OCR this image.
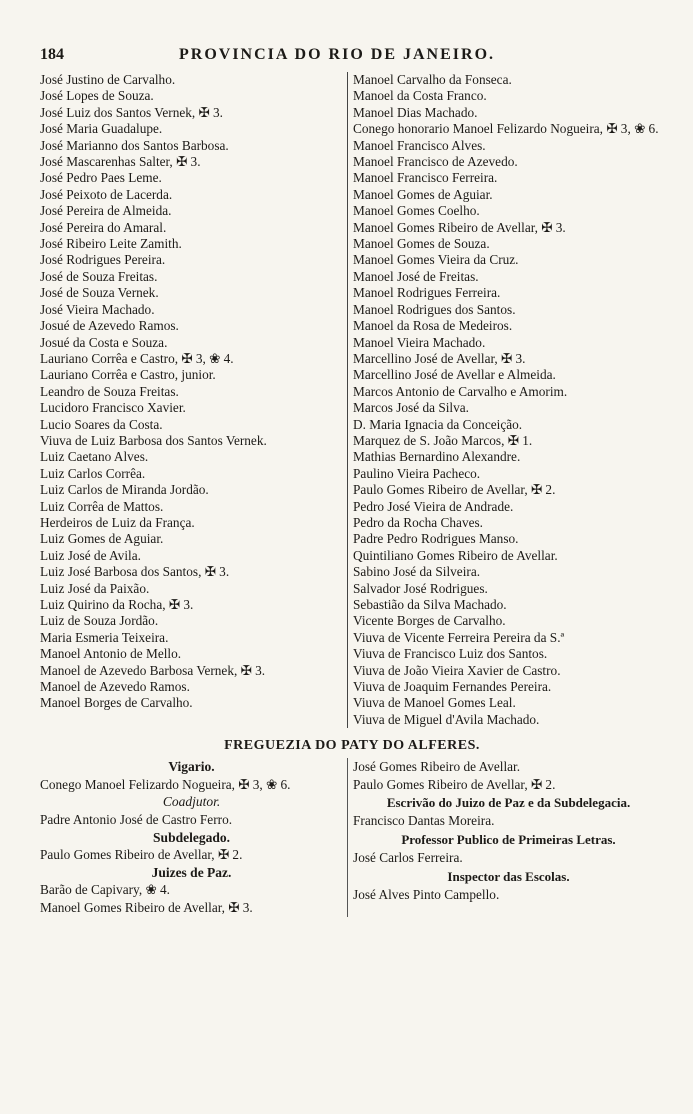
184	PROVINCIA DO RIO DE JANEIRO.
José Justino de Carvalho.
José Lopes de Souza.
José Luiz dos Santos Vernek, ✠ 3.
José Maria Guadalupe.
José Marianno dos Santos Barbosa.
José Mascarenhas Salter, ✠ 3.
José Pedro Paes Leme.
José Peixoto de Lacerda.
José Pereira de Almeida.
José Pereira do Amaral.
José Ribeiro Leite Zamith.
José Rodrigues Pereira.
José de Souza Freitas.
José de Souza Vernek.
José Vieira Machado.
Josué de Azevedo Ramos.
Josué da Costa e Souza.
Lauriano Corrêa e Castro, ✠ 3, ❀ 4.
Lauriano Corrêa e Castro, junior.
Leandro de Souza Freitas.
Lucidoro Francisco Xavier.
Lucio Soares da Costa.
Viuva de Luiz Barbosa dos Santos Vernek.
Luiz Caetano Alves.
Luiz Carlos Corrêa.
Luiz Carlos de Miranda Jordão.
Luiz Corrêa de Mattos.
Herdeiros de Luiz da França.
Luiz Gomes de Aguiar.
Luiz José de Avila.
Luiz José Barbosa dos Santos, ✠ 3.
Luiz José da Paixão.
Luiz Quirino da Rocha, ✠ 3.
Luiz de Souza Jordão.
Maria Esmeria Teixeira.
Manoel Antonio de Mello.
Manoel de Azevedo Barbosa Vernek, ✠ 3.
Manoel de Azevedo Ramos.
Manoel Borges de Carvalho.
Manoel Carvalho da Fonseca.
Manoel da Costa Franco.
Manoel Dias Machado.
Conego honorario Manoel Felizardo Nogueira, ✠ 3, ❀ 6.
Manoel Francisco Alves.
Manoel Francisco de Azevedo.
Manoel Francisco Ferreira.
Manoel Gomes de Aguiar.
Manoel Gomes Coelho.
Manoel Gomes Ribeiro de Avellar, ✠ 3.
Manoel Gomes de Souza.
Manoel Gomes Vieira da Cruz.
Manoel José de Freitas.
Manoel Rodrigues Ferreira.
Manoel Rodrigues dos Santos.
Manoel da Rosa de Medeiros.
Manoel Vieira Machado.
Marcellino José de Avellar, ✠ 3.
Marcellino José de Avellar e Almeida.
Marcos Antonio de Carvalho e Amorim.
Marcos José da Silva.
D. Maria Ignacia da Conceição.
Marquez de S. João Marcos, ✠ 1.
Mathias Bernardino Alexandre.
Paulino Vieira Pacheco.
Paulo Gomes Ribeiro de Avellar, ✠ 2.
Pedro José Vieira de Andrade.
Pedro da Rocha Chaves.
Padre Pedro Rodrigues Manso.
Quintiliano Gomes Ribeiro de Avellar.
Sabino José da Silveira.
Salvador José Rodrigues.
Sebastião da Silva Machado.
Vicente Borges de Carvalho.
Viuva de Vicente Ferreira Pereira da S.ª
Viuva de Francisco Luiz dos Santos.
Viuva de João Vieira Xavier de Castro.
Viuva de Joaquim Fernandes Pereira.
Viuva de Manoel Gomes Leal.
Viuva de Miguel d'Avila Machado.
FREGUEZIA DO PATY DO ALFERES.
Vigario.
Conego Manoel Felizardo Nogueira, ✠ 3, ❀ 6.
Coadjutor.
Padre Antonio José de Castro Ferro.
Subdelegado.
Paulo Gomes Ribeiro de Avellar, ✠ 2.
Juizes de Paz.
Barão de Capivary, ❀ 4.
Manoel Gomes Ribeiro de Avellar, ✠ 3.
José Gomes Ribeiro de Avellar.
Paulo Gomes Ribeiro de Avellar, ✠ 2.
Escrivão do Juizo de Paz e da Subdelegacia.
Francisco Dantas Moreira.
Professor Publico de Primeiras Letras.
José Carlos Ferreira.
Inspector das Escolas.
José Alves Pinto Campello.
